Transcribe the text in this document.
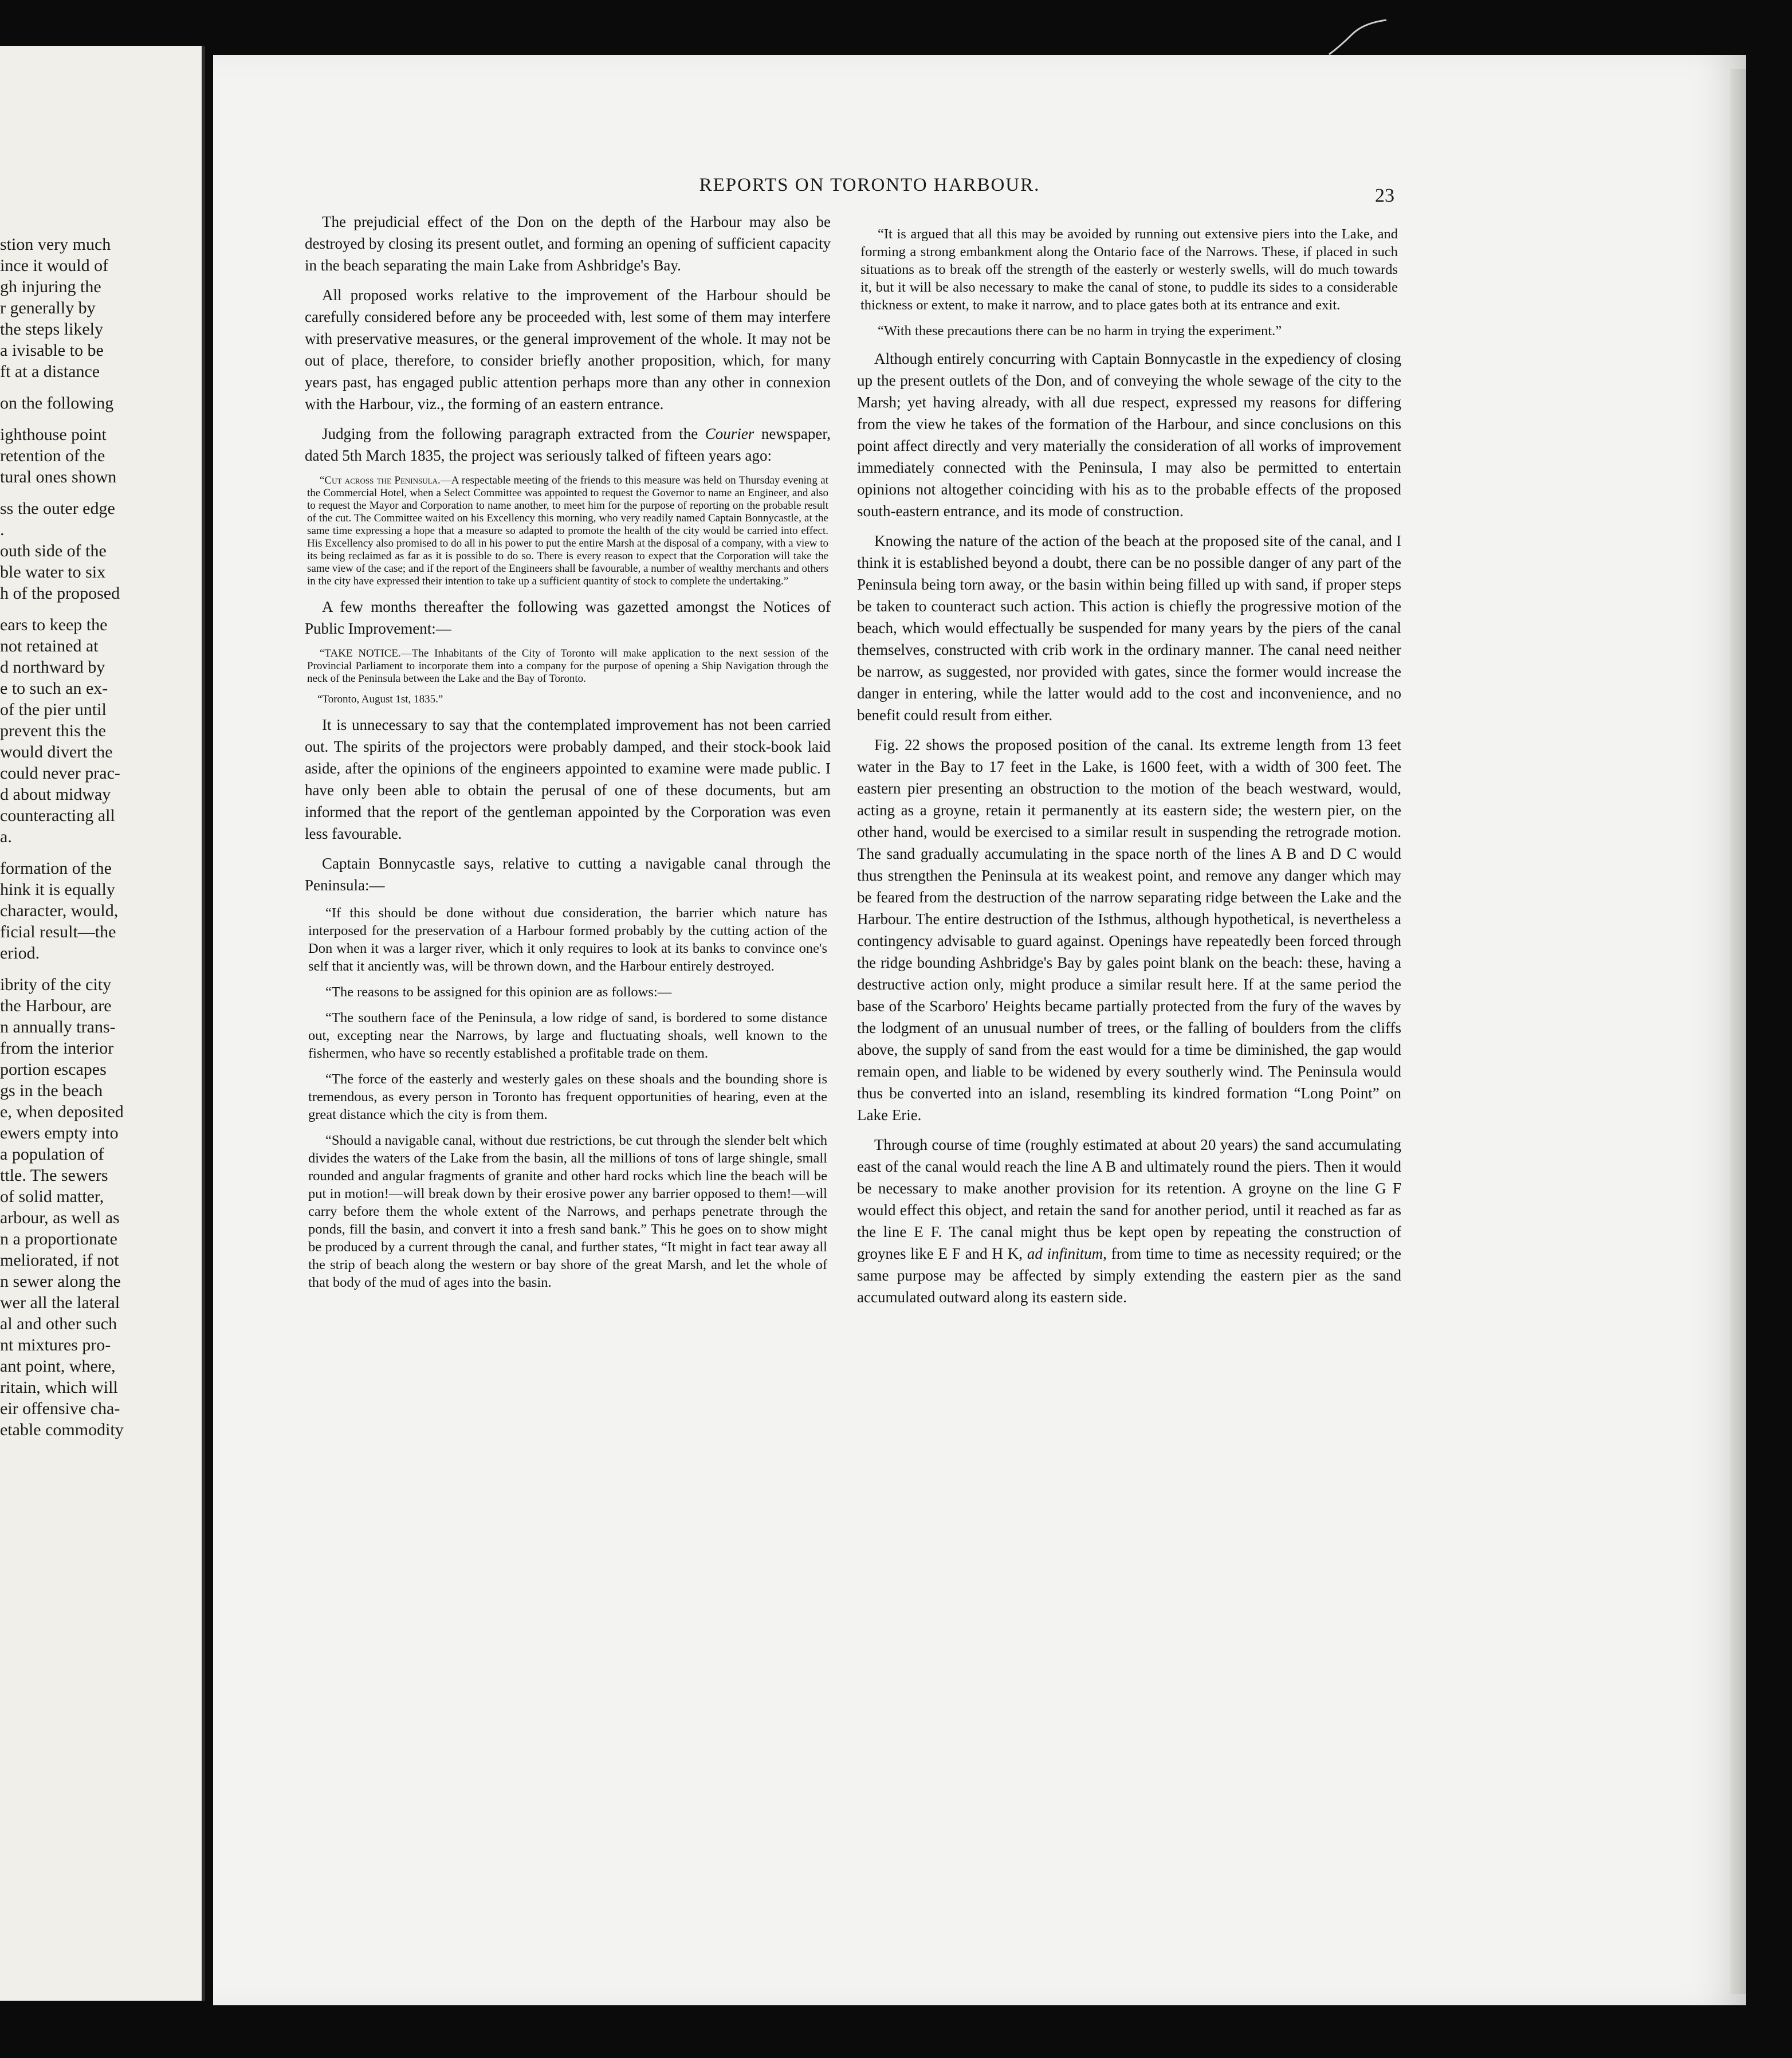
stion very much
ince it would of
gh injuring the
r generally by
the steps likely
a ivisable to be
ft at a distance
on the following
ighthouse point
retention of the
tural ones shown
ss the outer edge
.
outh side of the
ble water to six
h of the proposed
ears to keep the
not retained at
d northward by
e to such an ex-
of the pier until
prevent this the
would divert the
could never prac-
d about midway
counteracting all
a.
formation of the
hink it is equally
character, would,
ficial result—the
eriod.
ibrity of the city
the Harbour, are
n annually trans-
from the interior
portion escapes
gs in the beach
e, when deposited
ewers empty into
a population of
ttle. The sewers
of solid matter,
arbour, as well as
n a proportionate
meliorated, if not
n sewer along the
wer all the lateral
al and other such
nt mixtures pro-
ant point, where,
ritain, which will
eir offensive cha-
etable commodity
REPORTS ON TORONTO HARBOUR.	23

The prejudicial effect of the Don on the depth of the Harbour may also be destroyed by closing its present outlet, and forming an opening of sufficient capacity in the beach separating the main Lake from Ashbridge's Bay.

All proposed works relative to the improvement of the Harbour should be carefully considered before any be proceeded with, lest some of them may interfere with preservative measures, or the general improvement of the whole. It may not be out of place, therefore, to consider briefly another proposition, which, for many years past, has engaged public attention perhaps more than any other in connexion with the Harbour, viz., the forming of an eastern entrance.

Judging from the following paragraph extracted from the Courier newspaper, dated 5th March 1835, the project was seriously talked of fifteen years ago:

“Cut across the Peninsula.—A respectable meeting of the friends to this measure was held on Thursday evening at the Commercial Hotel, when a Select Committee was appointed to request the Governor to name an Engineer, and also to request the Mayor and Corporation to name another, to meet him for the purpose of reporting on the probable result of the cut. The Committee waited on his Excellency this morning, who very readily named Captain Bonnycastle, at the same time expressing a hope that a measure so adapted to promote the health of the city would be carried into effect. His Excellency also promised to do all in his power to put the entire Marsh at the disposal of a company, with a view to its being reclaimed as far as it is possible to do so. There is every reason to expect that the Corporation will take the same view of the case; and if the report of the Engineers shall be favourable, a number of wealthy merchants and others in the city have expressed their intention to take up a sufficient quantity of stock to complete the undertaking.”

A few months thereafter the following was gazetted amongst the Notices of Public Improvement:—

“TAKE NOTICE.—The Inhabitants of the City of Toronto will make application to the next session of the Provincial Parliament to incorporate them into a company for the purpose of opening a Ship Navigation through the neck of the Peninsula between the Lake and the Bay of Toronto.

“Toronto, August 1st, 1835.”

It is unnecessary to say that the contemplated improvement has not been carried out. The spirits of the projectors were probably damped, and their stock-book laid aside, after the opinions of the engineers appointed to examine were made public. I have only been able to obtain the perusal of one of these documents, but am informed that the report of the gentleman appointed by the Corporation was even less favourable.

Captain Bonnycastle says, relative to cutting a navigable canal through the Peninsula:—

“If this should be done without due consideration, the barrier which nature has interposed for the preservation of a Harbour formed probably by the cutting action of the Don when it was a larger river, which it only requires to look at its banks to convince one's self that it anciently was, will be thrown down, and the Harbour entirely destroyed.

“The reasons to be assigned for this opinion are as follows:—

“The southern face of the Peninsula, a low ridge of sand, is bordered to some distance out, excepting near the Narrows, by large and fluctuating shoals, well known to the fishermen, who have so recently established a profitable trade on them.

“The force of the easterly and westerly gales on these shoals and the bounding shore is tremendous, as every person in Toronto has frequent opportunities of hearing, even at the great distance which the city is from them.

“Should a navigable canal, without due restrictions, be cut through the slender belt which divides the waters of the Lake from the basin, all the millions of tons of large shingle, small rounded and angular fragments of granite and other hard rocks which line the beach will be put in motion!—will break down by their erosive power any barrier opposed to them!—will carry before them the whole extent of the Narrows, and perhaps penetrate through the ponds, fill the basin, and convert it into a fresh sand bank.” This he goes on to show might be produced by a current through the canal, and further states, “It might in fact tear away all the strip of beach along the western or bay shore of the great Marsh, and let the whole of that body of the mud of ages into the basin.

“It is argued that all this may be avoided by running out extensive piers into the Lake, and forming a strong embankment along the Ontario face of the Narrows. These, if placed in such situations as to break off the strength of the easterly or westerly swells, will do much towards it, but it will be also necessary to make the canal of stone, to puddle its sides to a considerable thickness or extent, to make it narrow, and to place gates both at its entrance and exit.

“With these precautions there can be no harm in trying the experiment.”

Although entirely concurring with Captain Bonnycastle in the expediency of closing up the present outlets of the Don, and of conveying the whole sewage of the city to the Marsh; yet having already, with all due respect, expressed my reasons for differing from the view he takes of the formation of the Harbour, and since conclusions on this point affect directly and very materially the consideration of all works of improvement immediately connected with the Peninsula, I may also be permitted to entertain opinions not altogether coinciding with his as to the probable effects of the proposed south-eastern entrance, and its mode of construction.

Knowing the nature of the action of the beach at the proposed site of the canal, and I think it is established beyond a doubt, there can be no possible danger of any part of the Peninsula being torn away, or the basin within being filled up with sand, if proper steps be taken to counteract such action. This action is chiefly the progressive motion of the beach, which would effectually be suspended for many years by the piers of the canal themselves, constructed with crib work in the ordinary manner. The canal need neither be narrow, as suggested, nor provided with gates, since the former would increase the danger in entering, while the latter would add to the cost and inconvenience, and no benefit could result from either.

Fig. 22 shows the proposed position of the canal. Its extreme length from 13 feet water in the Bay to 17 feet in the Lake, is 1600 feet, with a width of 300 feet. The eastern pier presenting an obstruction to the motion of the beach westward, would, acting as a groyne, retain it permanently at its eastern side; the western pier, on the other hand, would be exercised to a similar result in suspending the retrograde motion. The sand gradually accumulating in the space north of the lines A B and D C would thus strengthen the Peninsula at its weakest point, and remove any danger which may be feared from the destruction of the narrow separating ridge between the Lake and the Harbour. The entire destruction of the Isthmus, although hypothetical, is nevertheless a contingency advisable to guard against. Openings have repeatedly been forced through the ridge bounding Ashbridge's Bay by gales point blank on the beach: these, having a destructive action only, might produce a similar result here. If at the same period the base of the Scarboro' Heights became partially protected from the fury of the waves by the lodgment of an unusual number of trees, or the falling of boulders from the cliffs above, the supply of sand from the east would for a time be diminished, the gap would remain open, and liable to be widened by every southerly wind. The Peninsula would thus be converted into an island, resembling its kindred formation “Long Point” on Lake Erie.

Through course of time (roughly estimated at about 20 years) the sand accumulating east of the canal would reach the line A B and ultimately round the piers. Then it would be necessary to make another provision for its retention. A groyne on the line G F would effect this object, and retain the sand for another period, until it reached as far as the line E F. The canal might thus be kept open by repeating the construction of groynes like E F and H K, ad infinitum, from time to time as necessity required; or the same purpose may be affected by simply extending the eastern pier as the sand accumulated outward along its eastern side.
